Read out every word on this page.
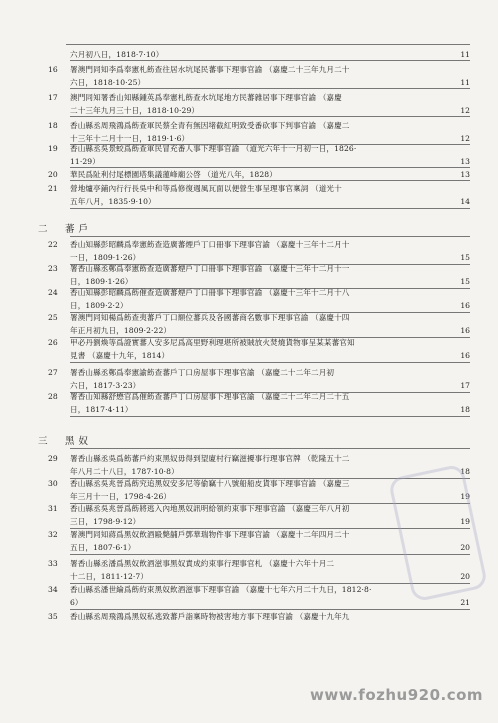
六月初八日，1818·7·10）	11
16	署澳門同知李爲奉憲札飭查往居水坑尾民蕃事下理事官諭 （嘉慶二十三年九月二十
六日，1818·10·25）	11
17	澳門同知署香山知縣鍾英爲奉憲札飭查水坑尾地方民蕃雜居事下理事官諭 （嘉慶
二十三年九月三十日，1818·10·29）	12
18	香山縣丞周飛鴻爲飭查軍民蔡全青有無因堵截紅明致受番砍事下判事官諭 （嘉慶二
十三年十二月十一日，1819·1·6）	12
19	香山縣丞吳景蛟爲飭查軍民冒充番人事下理事官諭 （道光六年十一月初一日，1826·
11·29）	13
20	華民爲阯利付尾標園塔集議蓮峰廟公啓 （道光八年，1828）	13
21	營地爐亭鋪內行行長吳中和等爲修復週風瓦面以便營生事呈理事官稟詞 （道光十
五年八月，1835·9·10）	14
二　蕃戶
22	香山知縣彭昭麟爲奉憲飭查造廣蕃煙戶丁口冊事下理事官諭 （嘉慶十三年十二月十
一日，1809·1·26）	15
23	署香山縣丞鄭爲奉憲飭查造廣蕃煙戶丁口冊事下理事官諭 （嘉慶十三年十二月十一
日，1809·1·26）	15
24	香山知縣彭昭麟爲飭催查造廣蕃煙戶丁口冊事下理事官諭 （嘉慶十三年十二月十八
日，1809·2·2）	16
25	署澳門同知楊爲飭查夷蕃戶丁口額位蕃兵及各國蕃商名數事下理事官諭 （嘉慶十四
年正月初九日，1809·2·22）	16
26	甲必丹劉煥等爲證實蕃人安多尼爲高里野利理堪所被賊放火焚燒貨物事呈某某蕃官知
見書 （嘉慶十九年，1814）	16
27	署香山縣丞鄭爲奉憲諭飭查蕃戶丁口房屋事下理事官諭 （嘉慶二十二年二月初
六日，1817·3·23）	17
28	署香山知縣舒懋官爲催飭查蕃戶丁口房屋事下理事官諭 （嘉慶二十二年二月二十五
日，1817·4·11）	18
三　黑奴
29	署香山縣丞吳爲飭蕃戶約束黑奴毋得到望廈村行竊滋擾事行理事官牌 （乾隆五十二
年八月二十八日，1787·10·8）	18
30	香山縣丞吳兆晉爲飭究追黑奴安多尼等偷竊十八號船船皮貨事下理事官諭 （嘉慶三
年三月十一日，1798·4·26）	19
31	香山縣丞吳兆晉爲飭將逃入內地黑奴訊明給領約束事下理事官諭 （嘉慶三年八月初
三日，1798·9·12）	19
32	署澳門同知蔣爲黑奴飲酒毆斃舖戶鄧華瑞物件事下理事官諭 （嘉慶十二年四月二十
五日，1807·6·1）	20
33	署香山縣丞潘爲黑奴飲酒滋事黑奴責成約束事行理事官札 （嘉慶十六年十月二
十二日，1811·12·7）	20
34	香山縣丞潘世綸爲飭約束黑奴飲酒滋事下理事官諭 （嘉慶十七年六月二十九日，1812·8·
6）	21
35	香山縣丞周飛鴻爲黑奴私逃致蕃戶詣稟時物被害地方事下理事官諭 （嘉慶十九年九
www.fozhu920.com
